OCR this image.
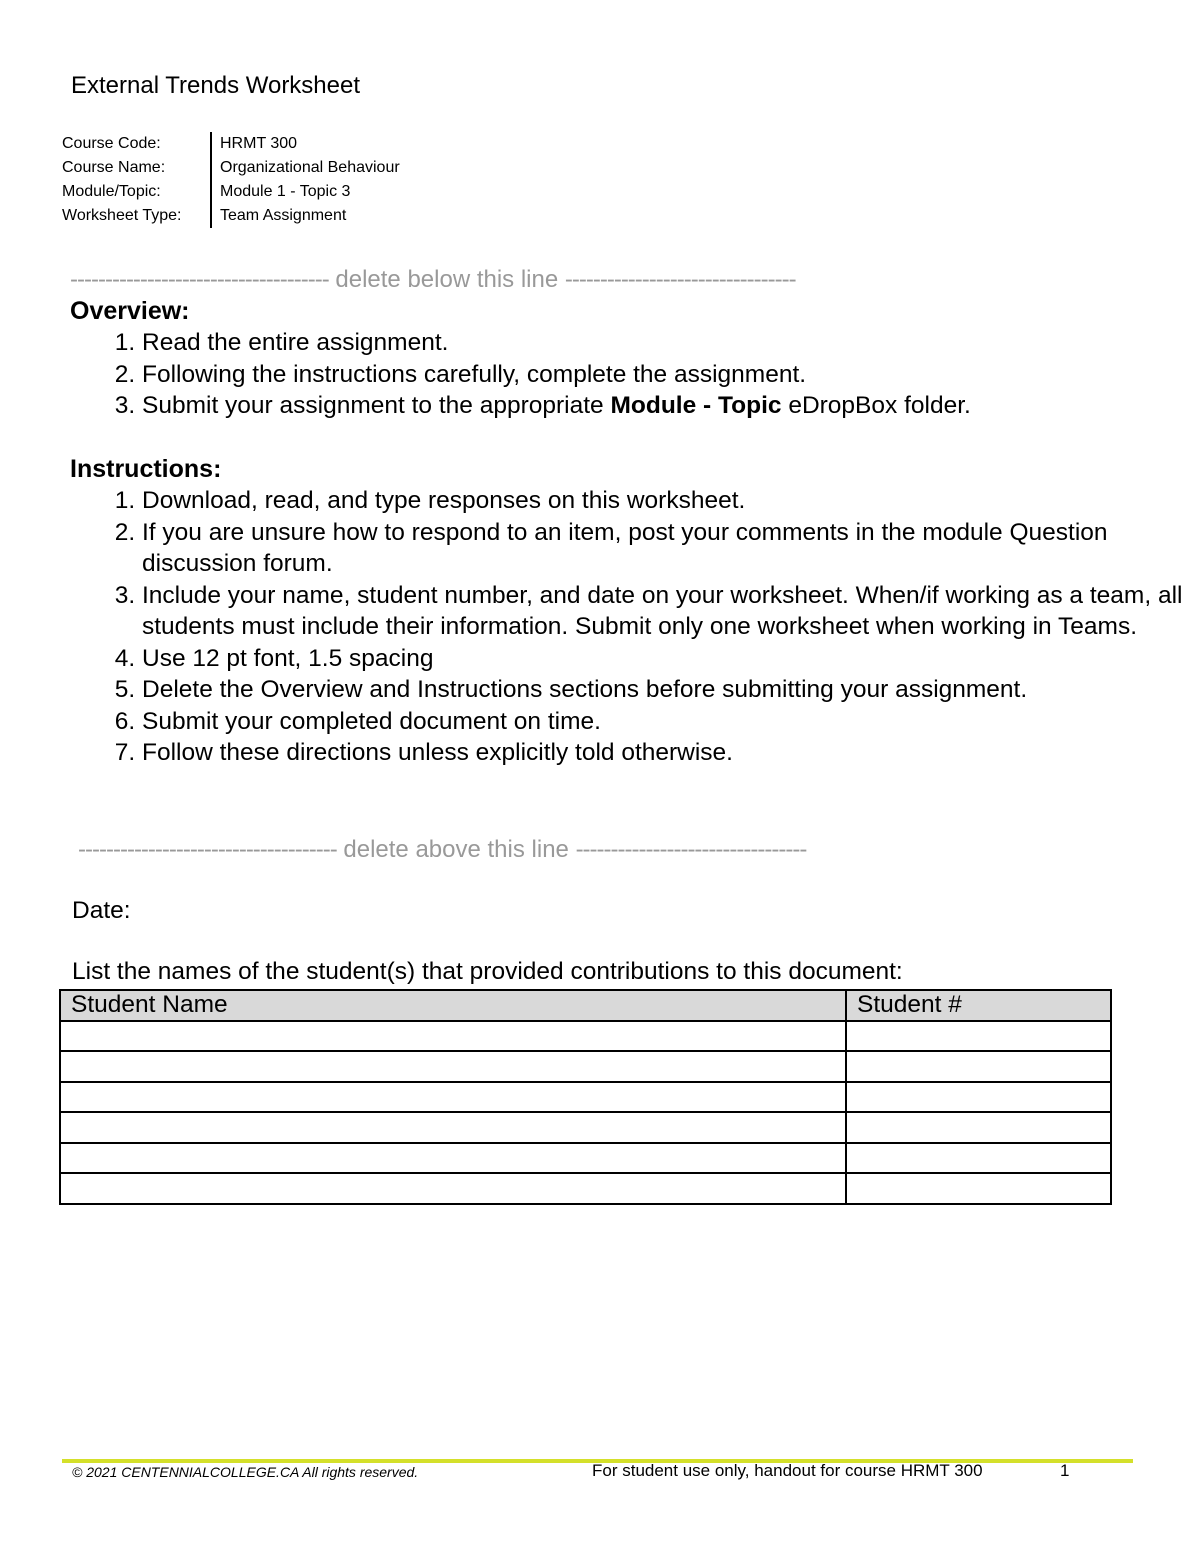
External Trends Worksheet
Course Code:	HRMT 300
Course Name:	Organizational Behaviour
Module/Topic:	Module 1 - Topic 3
Worksheet Type:	Team Assignment
------------------------------------- delete below this line ---------------------------------
Overview:
1. Read the entire assignment.
2. Following the instructions carefully, complete the assignment.
3. Submit your assignment to the appropriate Module - Topic eDropBox folder.
Instructions:
1. Download, read, and type responses on this worksheet.
2. If you are unsure how to respond to an item, post your comments in the module Question discussion forum.
3. Include your name, student number, and date on your worksheet. When/if working as a team, all students must include their information. Submit only one worksheet when working in Teams.
4. Use 12 pt font, 1.5 spacing
5. Delete the Overview and Instructions sections before submitting your assignment.
6. Submit your completed document on time.
7. Follow these directions unless explicitly told otherwise.
------------------------------------- delete above this line ---------------------------------
Date:
List the names of the student(s) that provided contributions to this document:
Student Name	Student #

© 2021 CENTENNIALCOLLEGE.CA All rights reserved.	For student use only, handout for course HRMT 300	1
